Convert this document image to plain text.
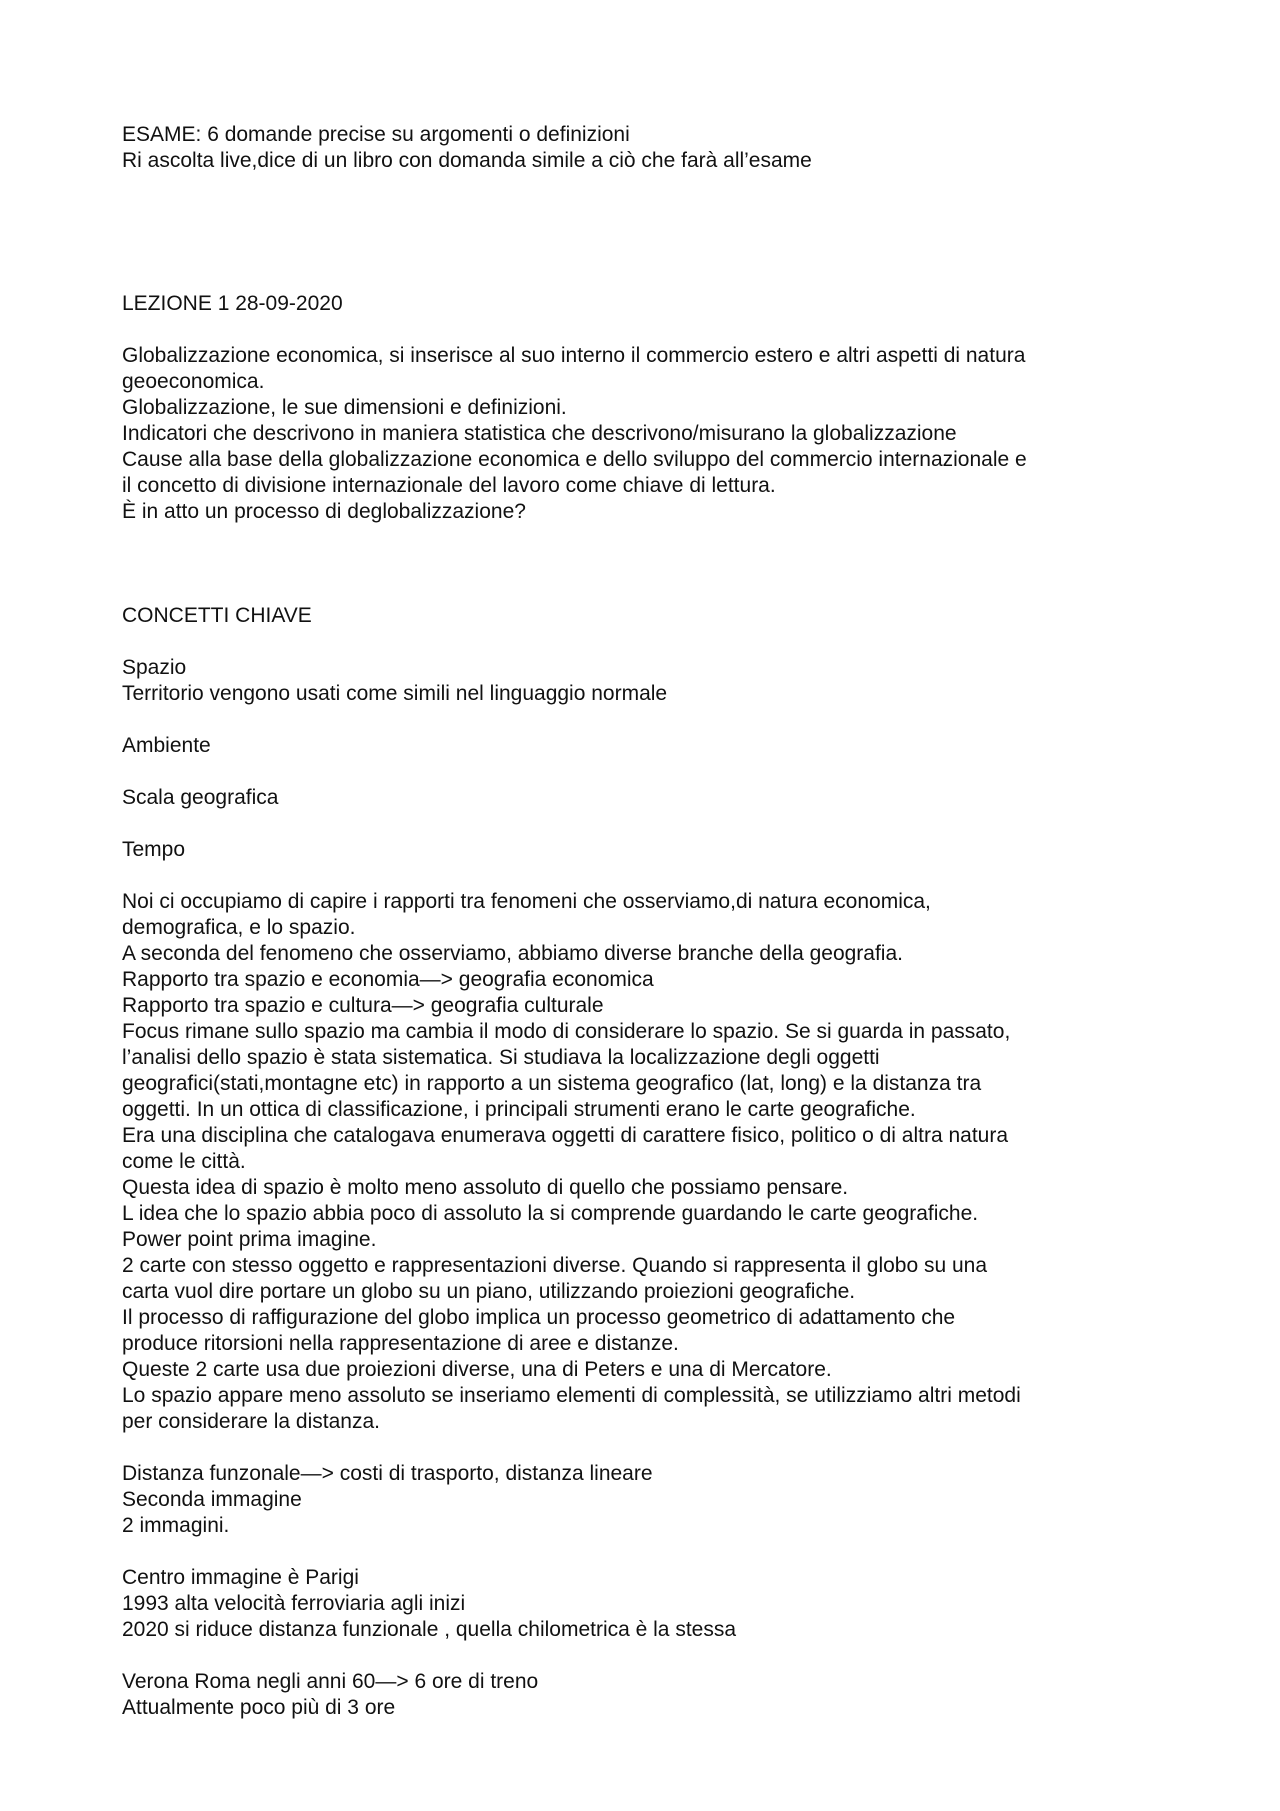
ESAME: 6 domande precise su argomenti o definizioni
Ri ascolta live,dice di un libro con domanda simile a ciò che farà all’esame
LEZIONE 1 28-09-2020
Globalizzazione economica, si inserisce al suo interno il commercio estero e altri aspetti di natura
geoeconomica.
Globalizzazione, le sue dimensioni e definizioni.
Indicatori che descrivono in maniera statistica che descrivono/misurano la globalizzazione
Cause alla base della globalizzazione economica e dello sviluppo del commercio internazionale e
il concetto di divisione internazionale del lavoro come chiave di lettura.
È in atto un processo di deglobalizzazione?
CONCETTI CHIAVE
Spazio
Territorio vengono usati come simili nel linguaggio normale
Ambiente
Scala geografica
Tempo
Noi ci occupiamo di capire i rapporti tra fenomeni che osserviamo,di natura economica,
demografica, e lo spazio.
A seconda del fenomeno che osserviamo, abbiamo diverse branche della geografia.
Rapporto tra spazio e economia—> geografia economica
Rapporto tra spazio e cultura—> geografia culturale
Focus rimane sullo spazio ma cambia il modo di considerare lo spazio. Se si guarda in passato,
l’analisi dello spazio è stata sistematica. Si studiava la localizzazione degli oggetti
geografici(stati,montagne etc) in rapporto a un sistema geografico (lat, long) e la distanza tra
oggetti. In un ottica di classificazione, i principali strumenti erano le carte geografiche.
Era una disciplina che catalogava enumerava oggetti di carattere fisico, politico o di altra natura
come le città.
Questa idea di spazio è molto meno assoluto di quello che possiamo pensare.
L idea che lo spazio abbia poco di assoluto la si comprende guardando le carte geografiche.
Power point prima imagine.
2 carte con stesso oggetto e rappresentazioni diverse. Quando si rappresenta il globo su una
carta vuol dire portare un globo su un piano, utilizzando proiezioni geografiche.
Il processo di raffigurazione del globo implica un processo geometrico di adattamento che
produce ritorsioni nella rappresentazione di aree e distanze.
Queste 2 carte usa due proiezioni diverse, una di Peters e una di Mercatore.
Lo spazio appare meno assoluto se inseriamo elementi di complessità, se utilizziamo altri metodi
per considerare la distanza.
Distanza funzonale—> costi di trasporto, distanza lineare
Seconda immagine
2 immagini.
Centro immagine è Parigi
1993 alta velocità ferroviaria agli inizi
2020 si riduce distanza funzionale , quella chilometrica è la stessa
Verona Roma negli anni 60—> 6 ore di treno
Attualmente poco più di 3 ore
